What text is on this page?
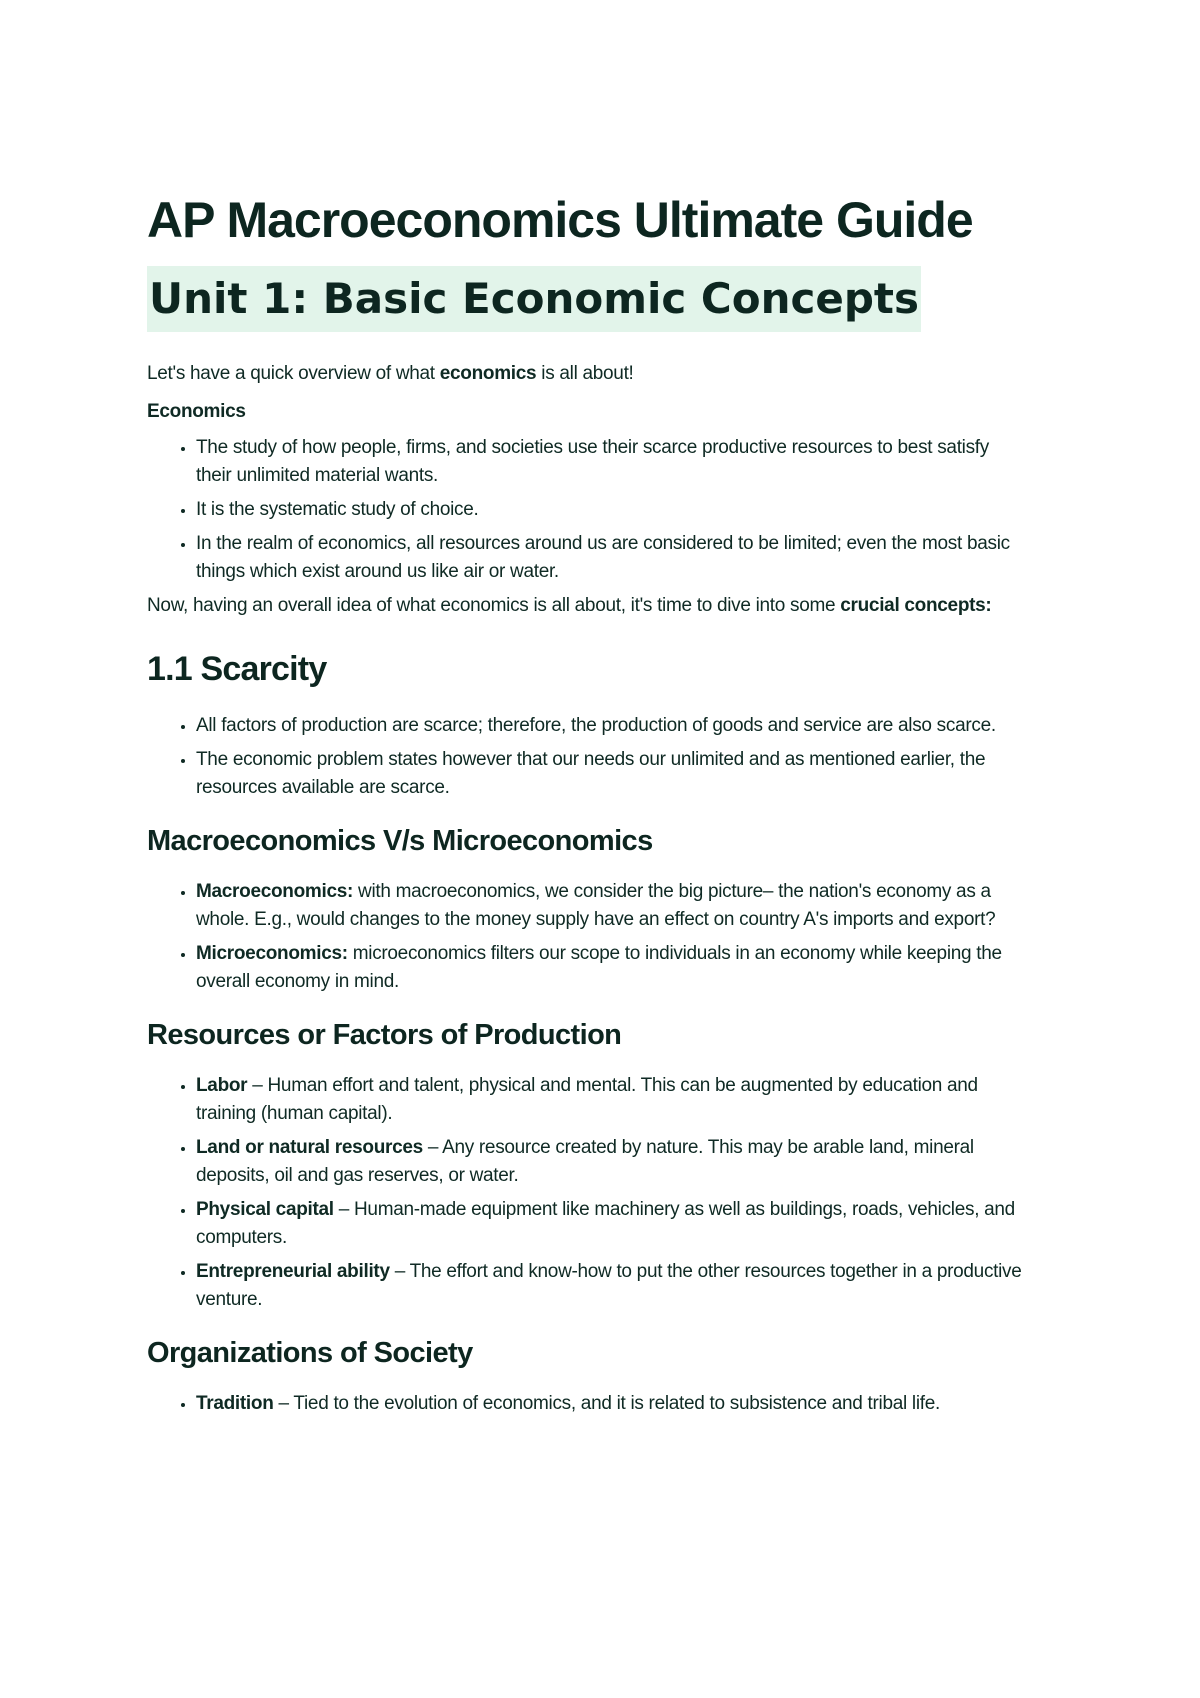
AP Macroeconomics Ultimate Guide
Unit 1: Basic Economic Concepts

Let's have a quick overview of what economics is all about!

Economics

• The study of how people, firms, and societies use their scarce productive resources to best satisfy their unlimited material wants.
• It is the systematic study of choice.
• In the realm of economics, all resources around us are considered to be limited; even the most basic things which exist around us like air or water.

Now, having an overall idea of what economics is all about, it's time to dive into some crucial concepts:

1.1 Scarcity
• All factors of production are scarce; therefore, the production of goods and service are also scarce.
• The economic problem states however that our needs our unlimited and as mentioned earlier, the resources available are scarce.
Macroeconomics V/s Microeconomics
• Macroeconomics: with macroeconomics, we consider the big picture– the nation's economy as a whole. E.g., would changes to the money supply have an effect on country A's imports and export?
• Microeconomics: microeconomics filters our scope to individuals in an economy while keeping the overall economy in mind.
Resources or Factors of Production
• Labor – Human effort and talent, physical and mental. This can be augmented by education and training (human capital).
• Land or natural resources – Any resource created by nature. This may be arable land, mineral deposits, oil and gas reserves, or water.
• Physical capital – Human-made equipment like machinery as well as buildings, roads, vehicles, and computers.
• Entrepreneurial ability – The effort and know-how to put the other resources together in a productive venture.
Organizations of Society
• Tradition – Tied to the evolution of economics, and it is related to subsistence and tribal life.
